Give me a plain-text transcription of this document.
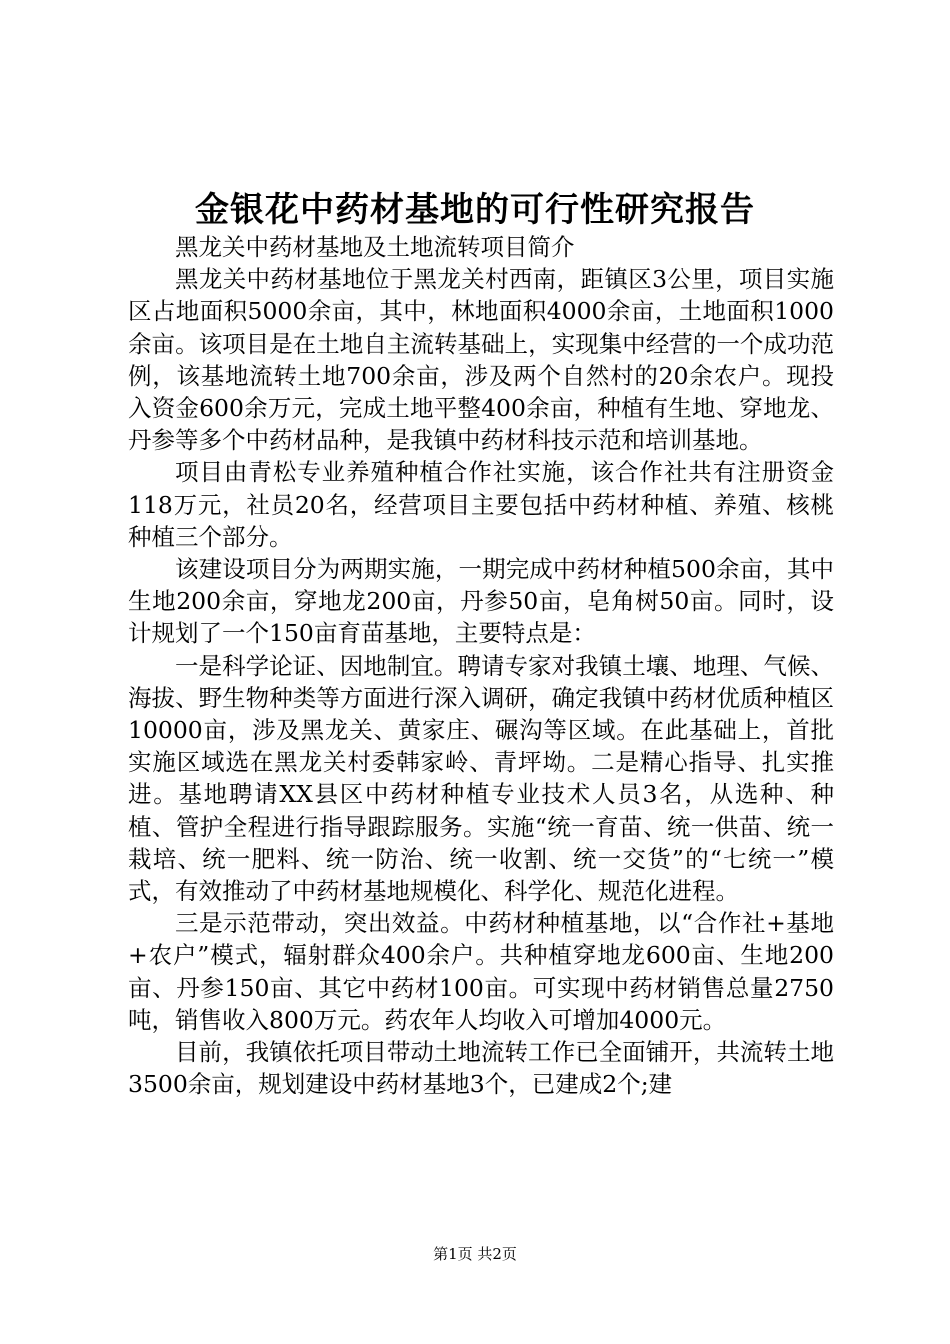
金银花中药材基地的可行性研究报告

黑龙关中药材基地及土地流转项目简介

黑龙关中药材基地位于黑龙关村西南，距镇区3公里，项目实施区占地面积5000余亩，其中，林地面积4000余亩，土地面积1000余亩。该项目是在土地自主流转基础上，实现集中经营的一个成功范例，该基地流转土地700余亩，涉及两个自然村的20余农户。现投入资金600余万元，完成土地平整400余亩，种植有生地、穿地龙、丹参等多个中药材品种，是我镇中药材科技示范和培训基地。

项目由青松专业养殖种植合作社实施，该合作社共有注册资金118万元，社员20名，经营项目主要包括中药材种植、养殖、核桃种植三个部分。

该建设项目分为两期实施，一期完成中药材种植500余亩，其中生地200余亩，穿地龙200亩，丹参50亩，皂角树50亩。同时，设计规划了一个150亩育苗基地，主要特点是：

一是科学论证、因地制宜。聘请专家对我镇土壤、地理、气候、海拔、野生物种类等方面进行深入调研，确定我镇中药材优质种植区10000亩，涉及黑龙关、黄家庄、碾沟等区域。在此基础上，首批实施区域选在黑龙关村委韩家岭、青坪坳。二是精心指导、扎实推进。基地聘请XX县区中药材种植专业技术人员3名，从选种、种植、管护全程进行指导跟踪服务。实施“统一育苗、统一供苗、统一栽培、统一肥料、统一防治、统一收割、统一交货”的“七统一”模式，有效推动了中药材基地规模化、科学化、规范化进程。

三是示范带动，突出效益。中药材种植基地，以“合作社+基地+农户”模式，辐射群众400余户。共种植穿地龙600亩、生地200亩、丹参150亩、其它中药材100亩。可实现中药材销售总量2750吨，销售收入800万元。药农年人均收入可增加4000元。

目前，我镇依托项目带动土地流转工作已全面铺开，共流转土地3500余亩，规划建设中药材基地3个，已建成2个;建

第1页 共2页
